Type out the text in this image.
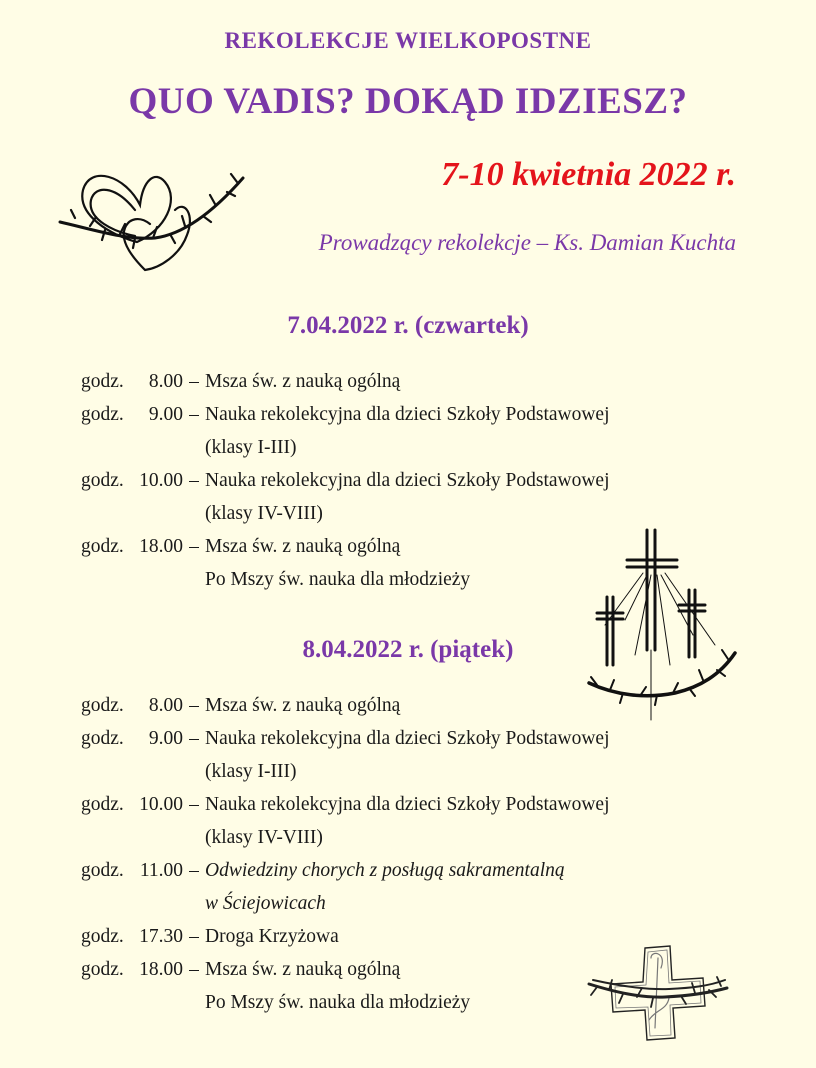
REKOLEKCJE WIELKOPOSTNE
QUO VADIS? DOKĄD IDZIESZ?
7-10 kwietnia 2022 r.
Prowadzący rekolekcje – Ks. Damian Kuchta
7.04.2022 r. (czwartek)
godz.	8.00 – Msza św. z nauką ogólną
godz.	9.00 – Nauka rekolekcyjna dla dzieci Szkoły Podstawowej
(klasy I-III)
godz. 10.00 – Nauka rekolekcyjna dla dzieci Szkoły Podstawowej
(klasy IV-VIII)
godz. 18.00 – Msza św. z nauką ogólną
Po Mszy św. nauka dla młodzieży
8.04.2022 r. (piątek)
godz.	8.00 – Msza św. z nauką ogólną
godz.	9.00 – Nauka rekolekcyjna dla dzieci Szkoły Podstawowej
(klasy I-III)
godz. 10.00 – Nauka rekolekcyjna dla dzieci Szkoły Podstawowej
(klasy IV-VIII)
godz. 11.00 – Odwiedziny chorych z posługą sakramentalną
w Ściejowicach
godz. 17.30 – Droga Krzyżowa
godz. 18.00 – Msza św. z nauką ogólną
Po Mszy św. nauka dla młodzieży
